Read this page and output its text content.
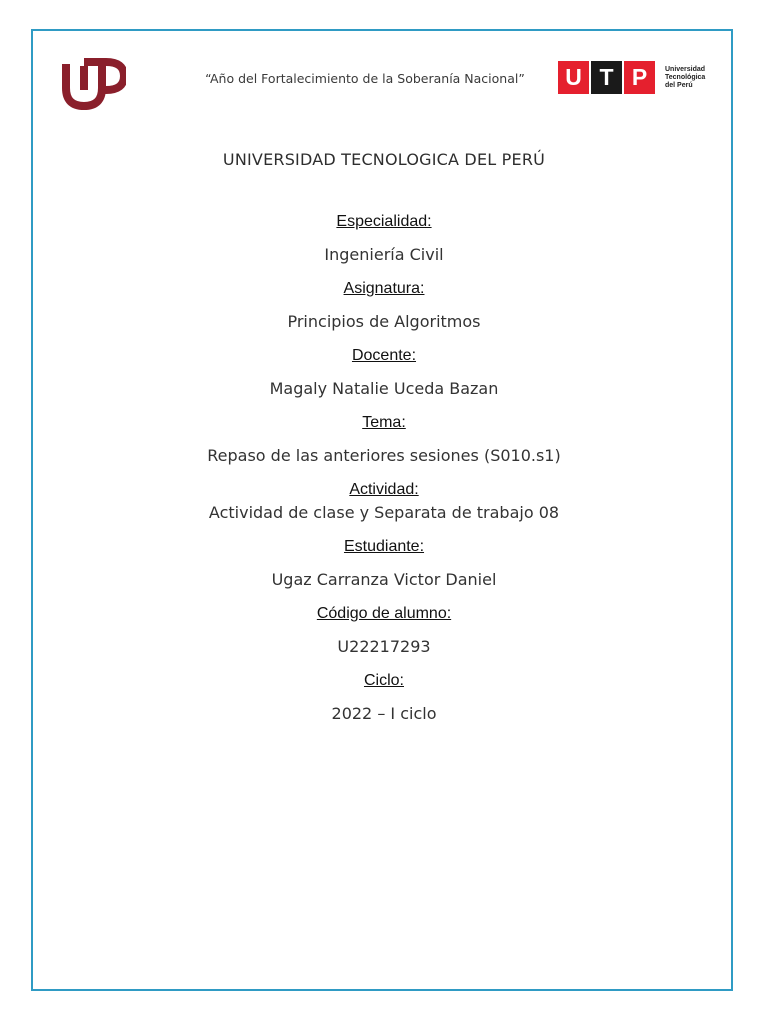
“Año del Fortalecimiento de la Soberanía Nacional”	U T P	Universidad
Tecnológica
del Perú
UNIVERSIDAD TECNOLOGICA DEL PERÚ
Especialidad:
Ingeniería Civil
Asignatura:
Principios de Algoritmos
Docente:
Magaly Natalie Uceda Bazan
Tema:
Repaso de las anteriores sesiones (S010.s1)
Actividad:
Actividad de clase y Separata de trabajo 08
Estudiante:
Ugaz Carranza Victor Daniel
Código de alumno:
U22217293
Ciclo:
2022 – I ciclo
